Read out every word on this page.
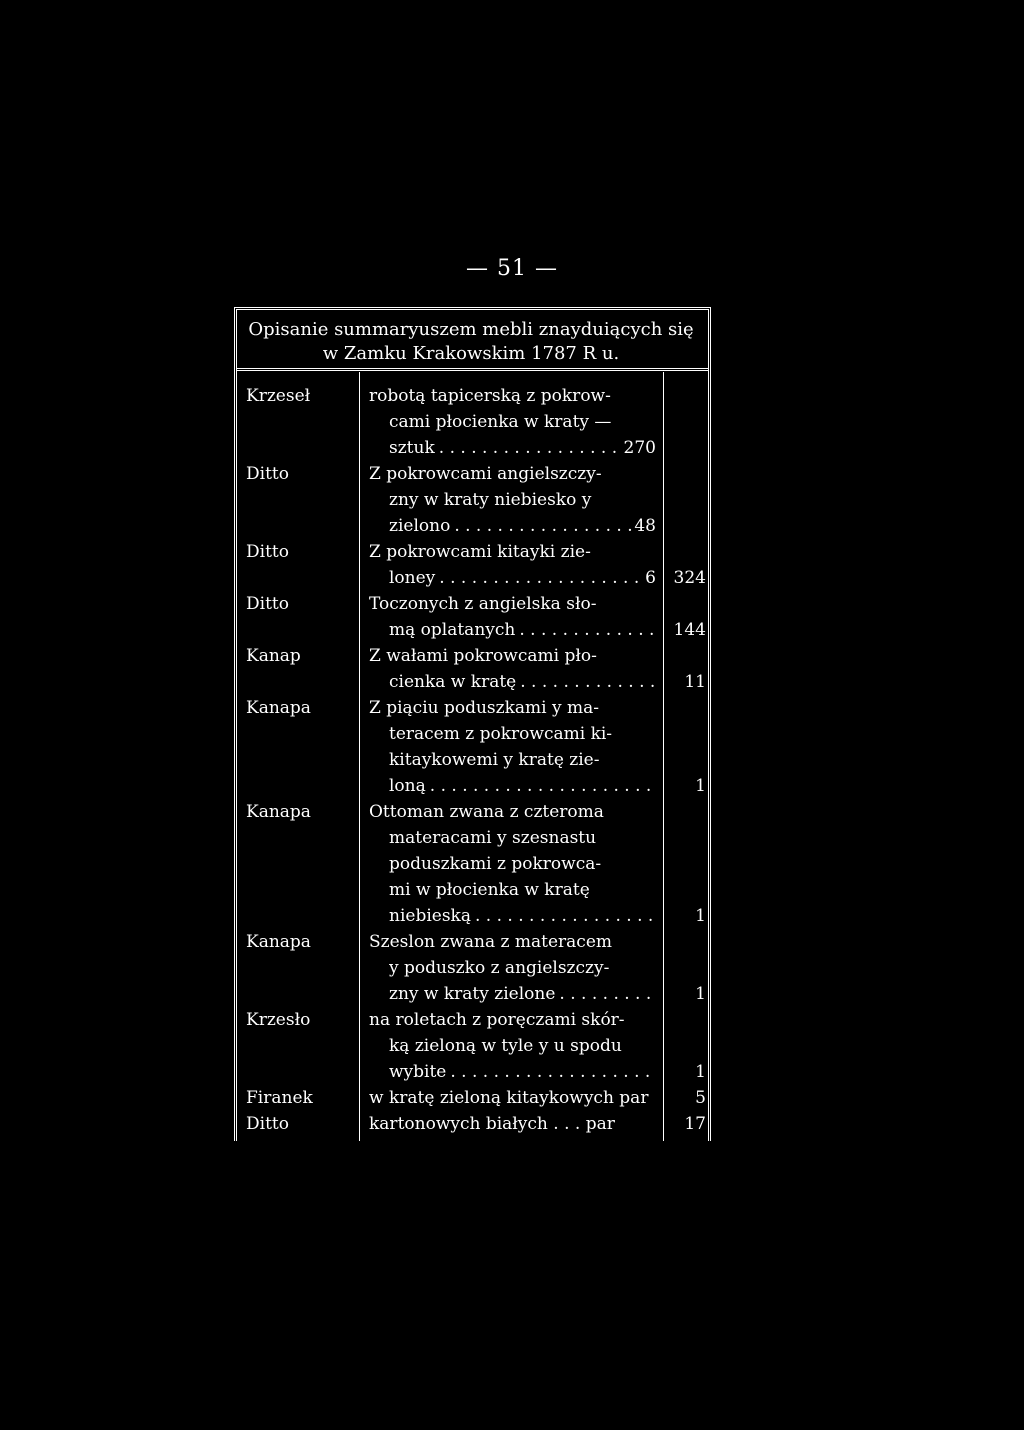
— 51 —
Opisanie summaryuszem mebli znayduiących się
w Zamku Krakowskim 1787 R u.
Krzeseł	robotą tapicerską z pokrow-
cami płocienka w kraty —
sztuk . . .	270
Ditto	Z pokrowcami angielszczy-
zny w kraty niebiesko y
zielono . . .	48
Ditto	Z pokrowcami kitayki zie-
loney . . .	6	324
Ditto	Toczonych z angielska sło-
mą oplatanych . . .	144
Kanap	Z wałami pokrowcami pło-
cienka w kratę . . .	11
Kanapa	Z piąciu poduszkami y ma-
teracem z pokrowcami ki-
kitaykowemi y kratę zie-
loną . . .	1
Kanapa	Ottoman zwana z czteroma
materacami y szesnastu
poduszkami z pokrowca-
mi w płocienka w kratę
niebieską . . .	1
Kanapa	Szeslon zwana z materacem
y poduszko z angielszczy-
zny w kraty zielone . . .	1
Krzesło	na roletach z poręczami skór-
ką zieloną w tyle y u spodu
wybite . . .	1
Firanek	w kratę zieloną kitaykowych par	5
Ditto	kartonowych białych . . . par	17
